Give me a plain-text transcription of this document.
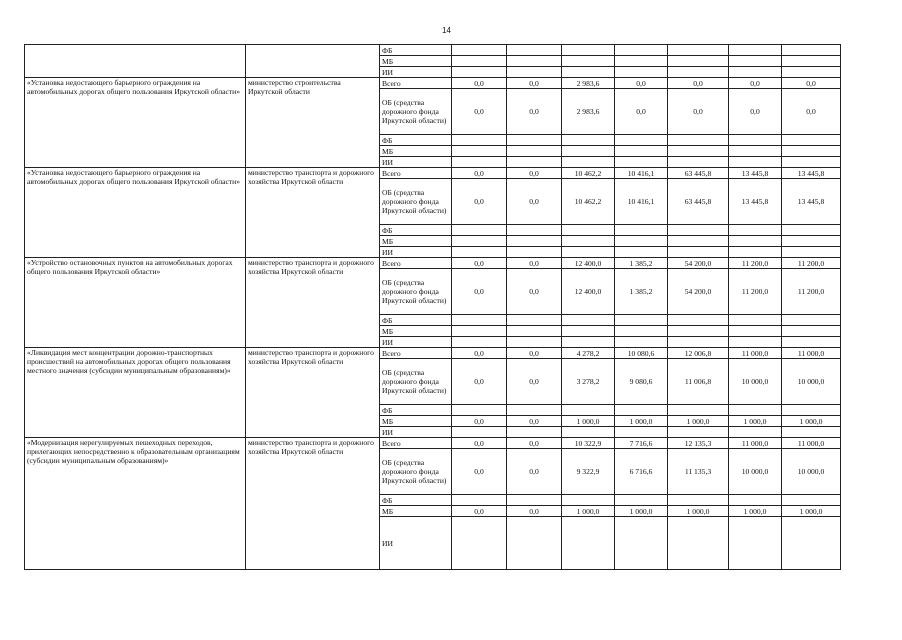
14
		ФБ							
		МБ							
		ИИ							
«Установка недостающего барьерного ограждения на автомобильных дорогах общего пользования Иркутской области»	министерство строительства Иркутской области	Всего	0,0	0,0	2 983,6	0,0	0,0	0,0	0,0
		ОБ (средства дорожного фонда Иркутской области)	0,0	0,0	2 983,6	0,0	0,0	0,0	0,0
		ФБ							
		МБ							
		ИИ							
«Установка недостающего барьерного ограждения на автомобильных дорогах общего пользования Иркутской области»	министерство транспорта и дорожного хозяйства Иркутской области	Всего	0,0	0,0	10 462,2	10 416,1	63 445,8	13 445,8	13 445,8
		ОБ (средства дорожного фонда Иркутской области)	0,0	0,0	10 462,2	10 416,1	63 445,8	13 445,8	13 445,8
		ФБ							
		МБ							
		ИИ							
«Устройство остановочных пунктов на автомобильных дорогах общего пользования Иркутской области»	министерство транспорта и дорожного хозяйства Иркутской области	Всего	0,0	0,0	12 400,0	1 385,2	54 200,0	11 200,0	11 200,0
		ОБ (средства дорожного фонда Иркутской области)	0,0	0,0	12 400,0	1 385,2	54 200,0	11 200,0	11 200,0
		ФБ							
		МБ							
		ИИ							
«Ликвидация мест концентрации дорожно-транспортных происшествий на автомобильных дорогах общего пользования местного значения (субсидии муниципальным образованиям)»	министерство транспорта и дорожного хозяйства Иркутской области	Всего	0,0	0,0	4 278,2	10 080,6	12 006,8	11 000,0	11 000,0
		ОБ (средства дорожного фонда Иркутской области)	0,0	0,0	3 278,2	9 080,6	11 006,8	10 000,0	10 000,0
		ФБ							
		МБ	0,0	0,0	1 000,0	1 000,0	1 000,0	1 000,0	1 000,0
		ИИ							
«Модернизация нерегулируемых пешеходных переходов, прилегающих непосредственно к образовательным организациям (субсидии муниципальным образованиям)»	министерство транспорта и дорожного хозяйства Иркутской области	Всего	0,0	0,0	10 322,9	7 716,6	12 135,3	11 000,0	11 000,0
		ОБ (средства дорожного фонда Иркутской области)	0,0	0,0	9 322,9	6 716,6	11 135,3	10 000,0	10 000,0
		ФБ							
		МБ	0,0	0,0	1 000,0	1 000,0	1 000,0	1 000,0	1 000,0
		ИИ							
